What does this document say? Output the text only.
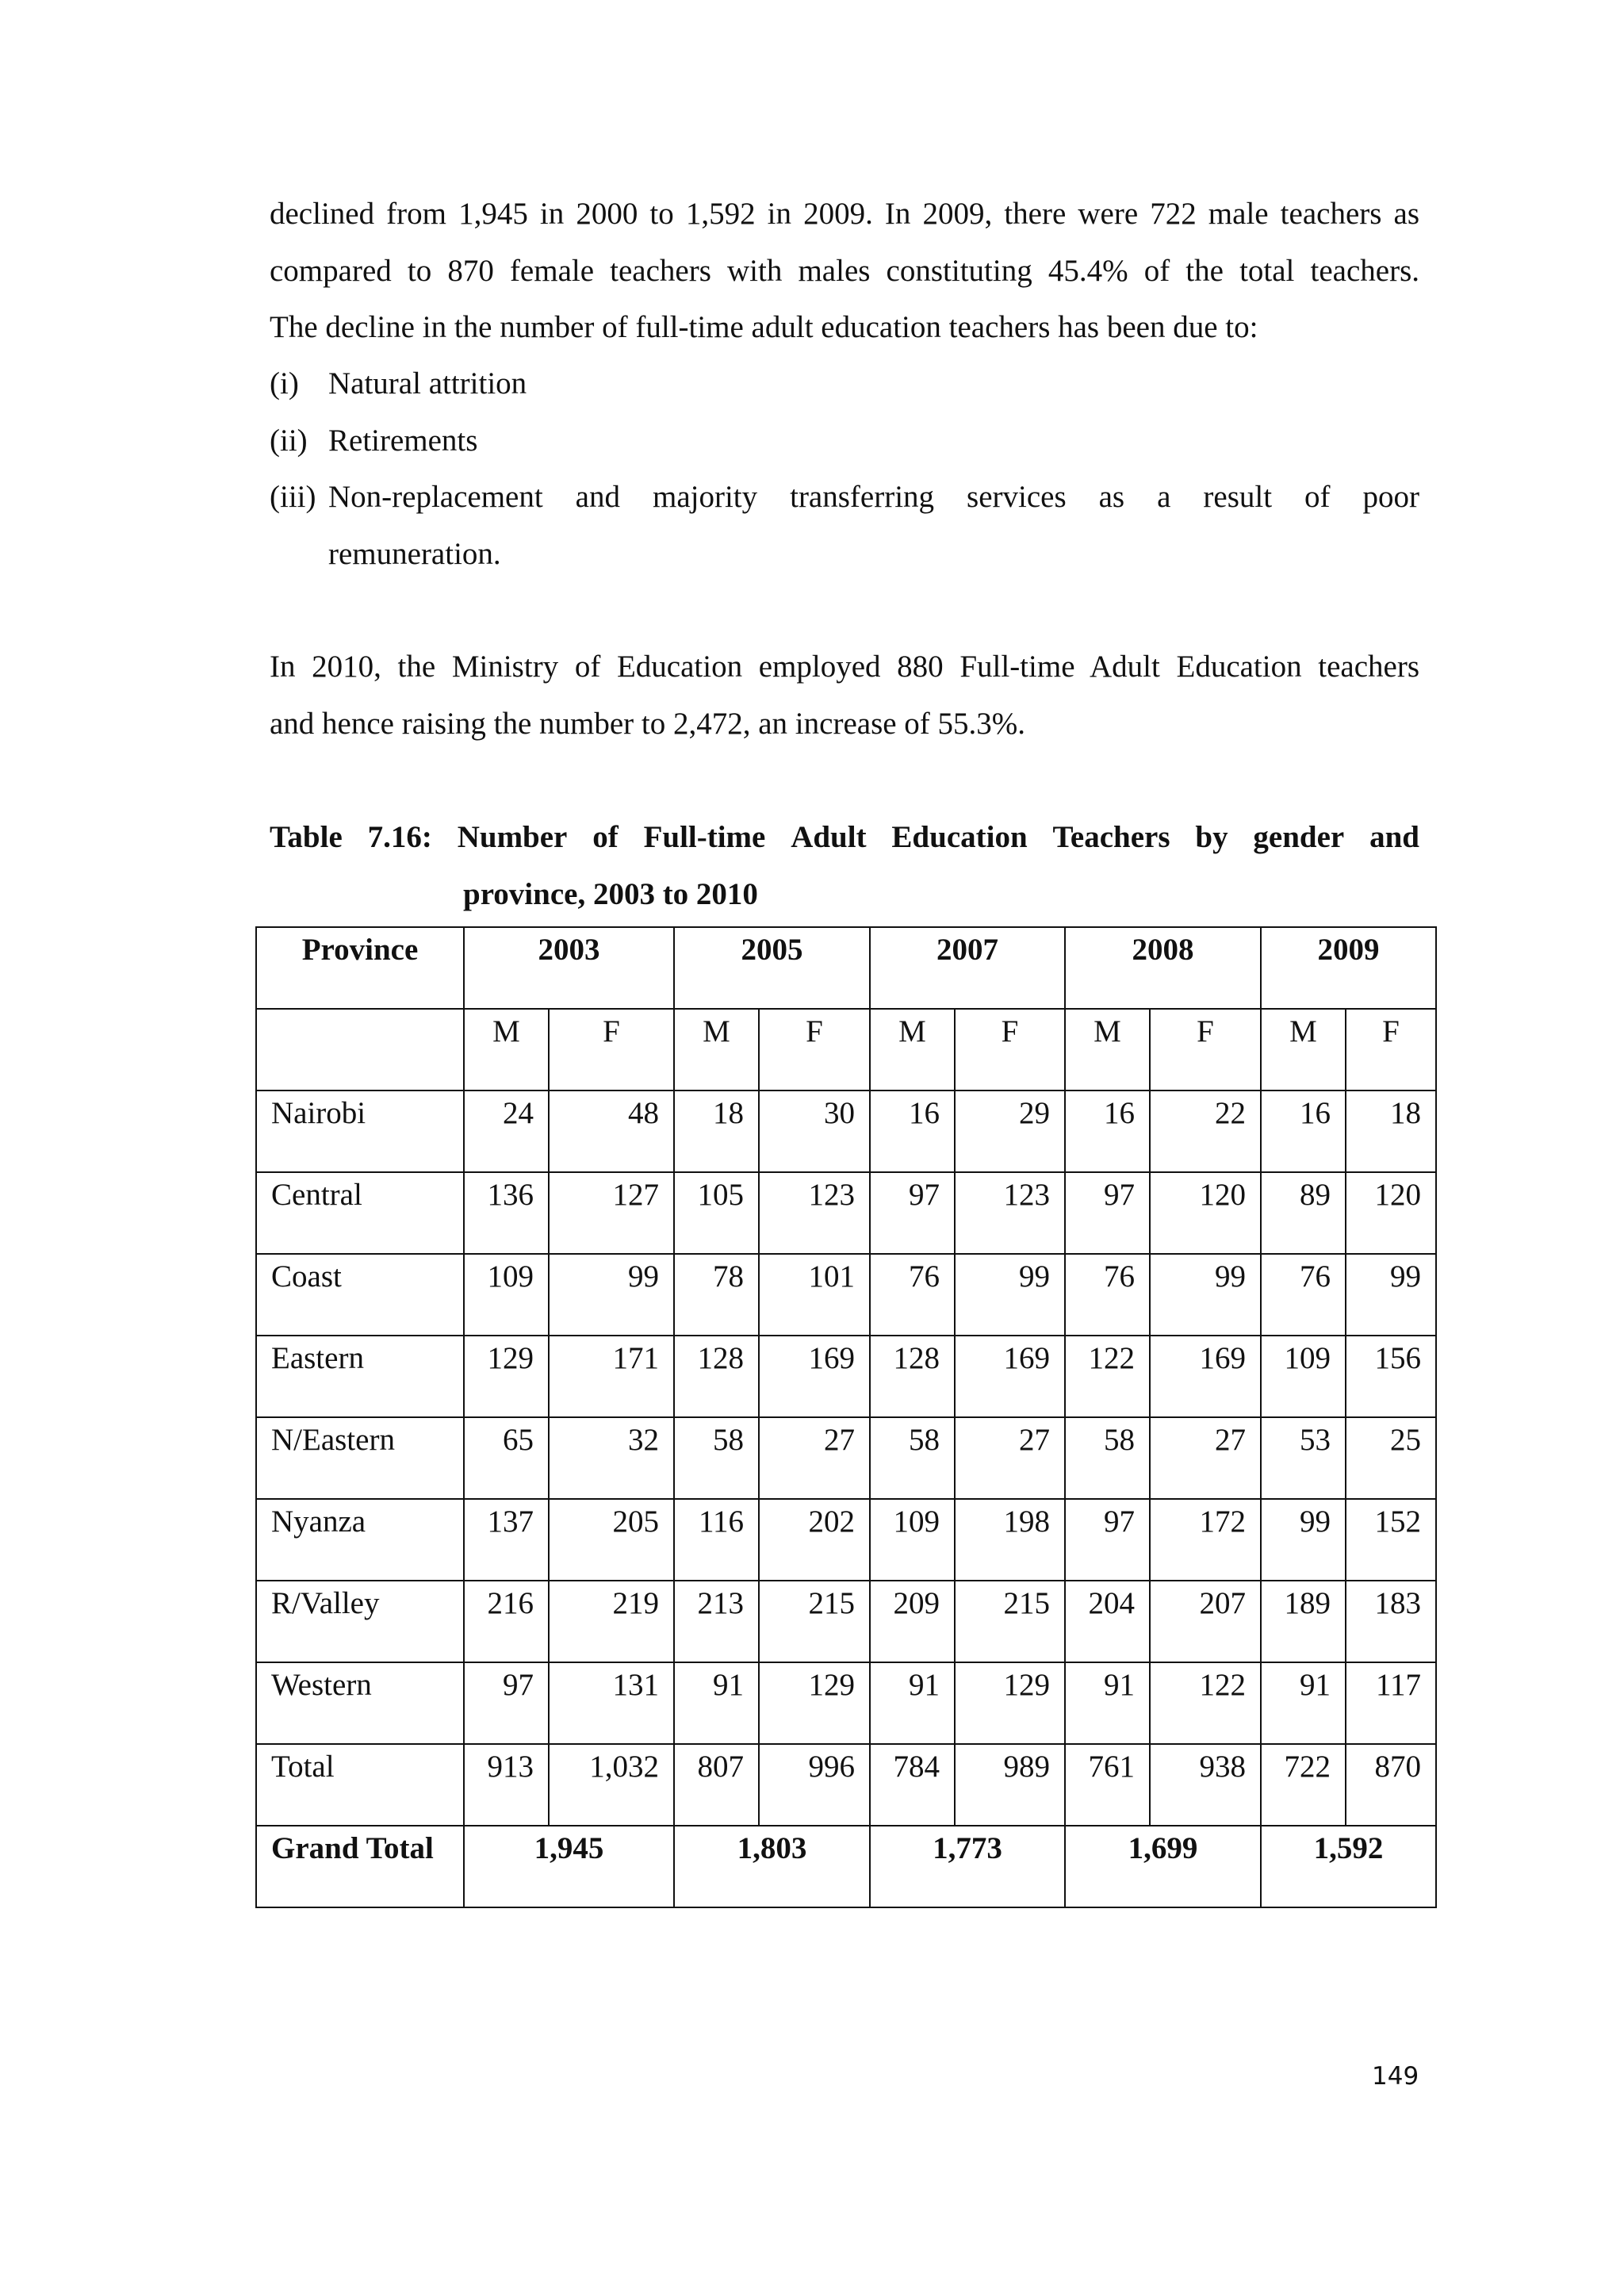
declined from 1,945 in 2000 to 1,592 in 2009. In 2009, there were 722 male teachers as
compared to 870 female teachers with males constituting 45.4% of the total teachers.
The decline in the number of full-time adult education teachers has been due to:
(i) Natural attrition
(ii) Retirements
(iii) Non-replacement and majority transferring services as a result of poor
remuneration.
In 2010, the Ministry of Education employed 880 Full-time Adult Education teachers
and hence raising the number to 2,472, an increase of 55.3%.
Table 7.16: Number of Full-time Adult Education Teachers by gender and
province, 2003 to 2010
Province	2003		2005		2007		2008		2009	
	M	F	M	F	M	F	M	F	M	F
Nairobi	24	48	18	30	16	29	16	22	16	18
Central	136	127	105	123	97	123	97	120	89	120
Coast	109	99	78	101	76	99	76	99	76	99
Eastern	129	171	128	169	128	169	122	169	109	156
N/Eastern	65	32	58	27	58	27	58	27	53	25
Nyanza	137	205	116	202	109	198	97	172	99	152
R/Valley	216	219	213	215	209	215	204	207	189	183
Western	97	131	91	129	91	129	91	122	91	117
Total	913	1,032	807	996	784	989	761	938	722	870
Grand Total	1,945		1,803		1,773		1,699		1,592	
149
